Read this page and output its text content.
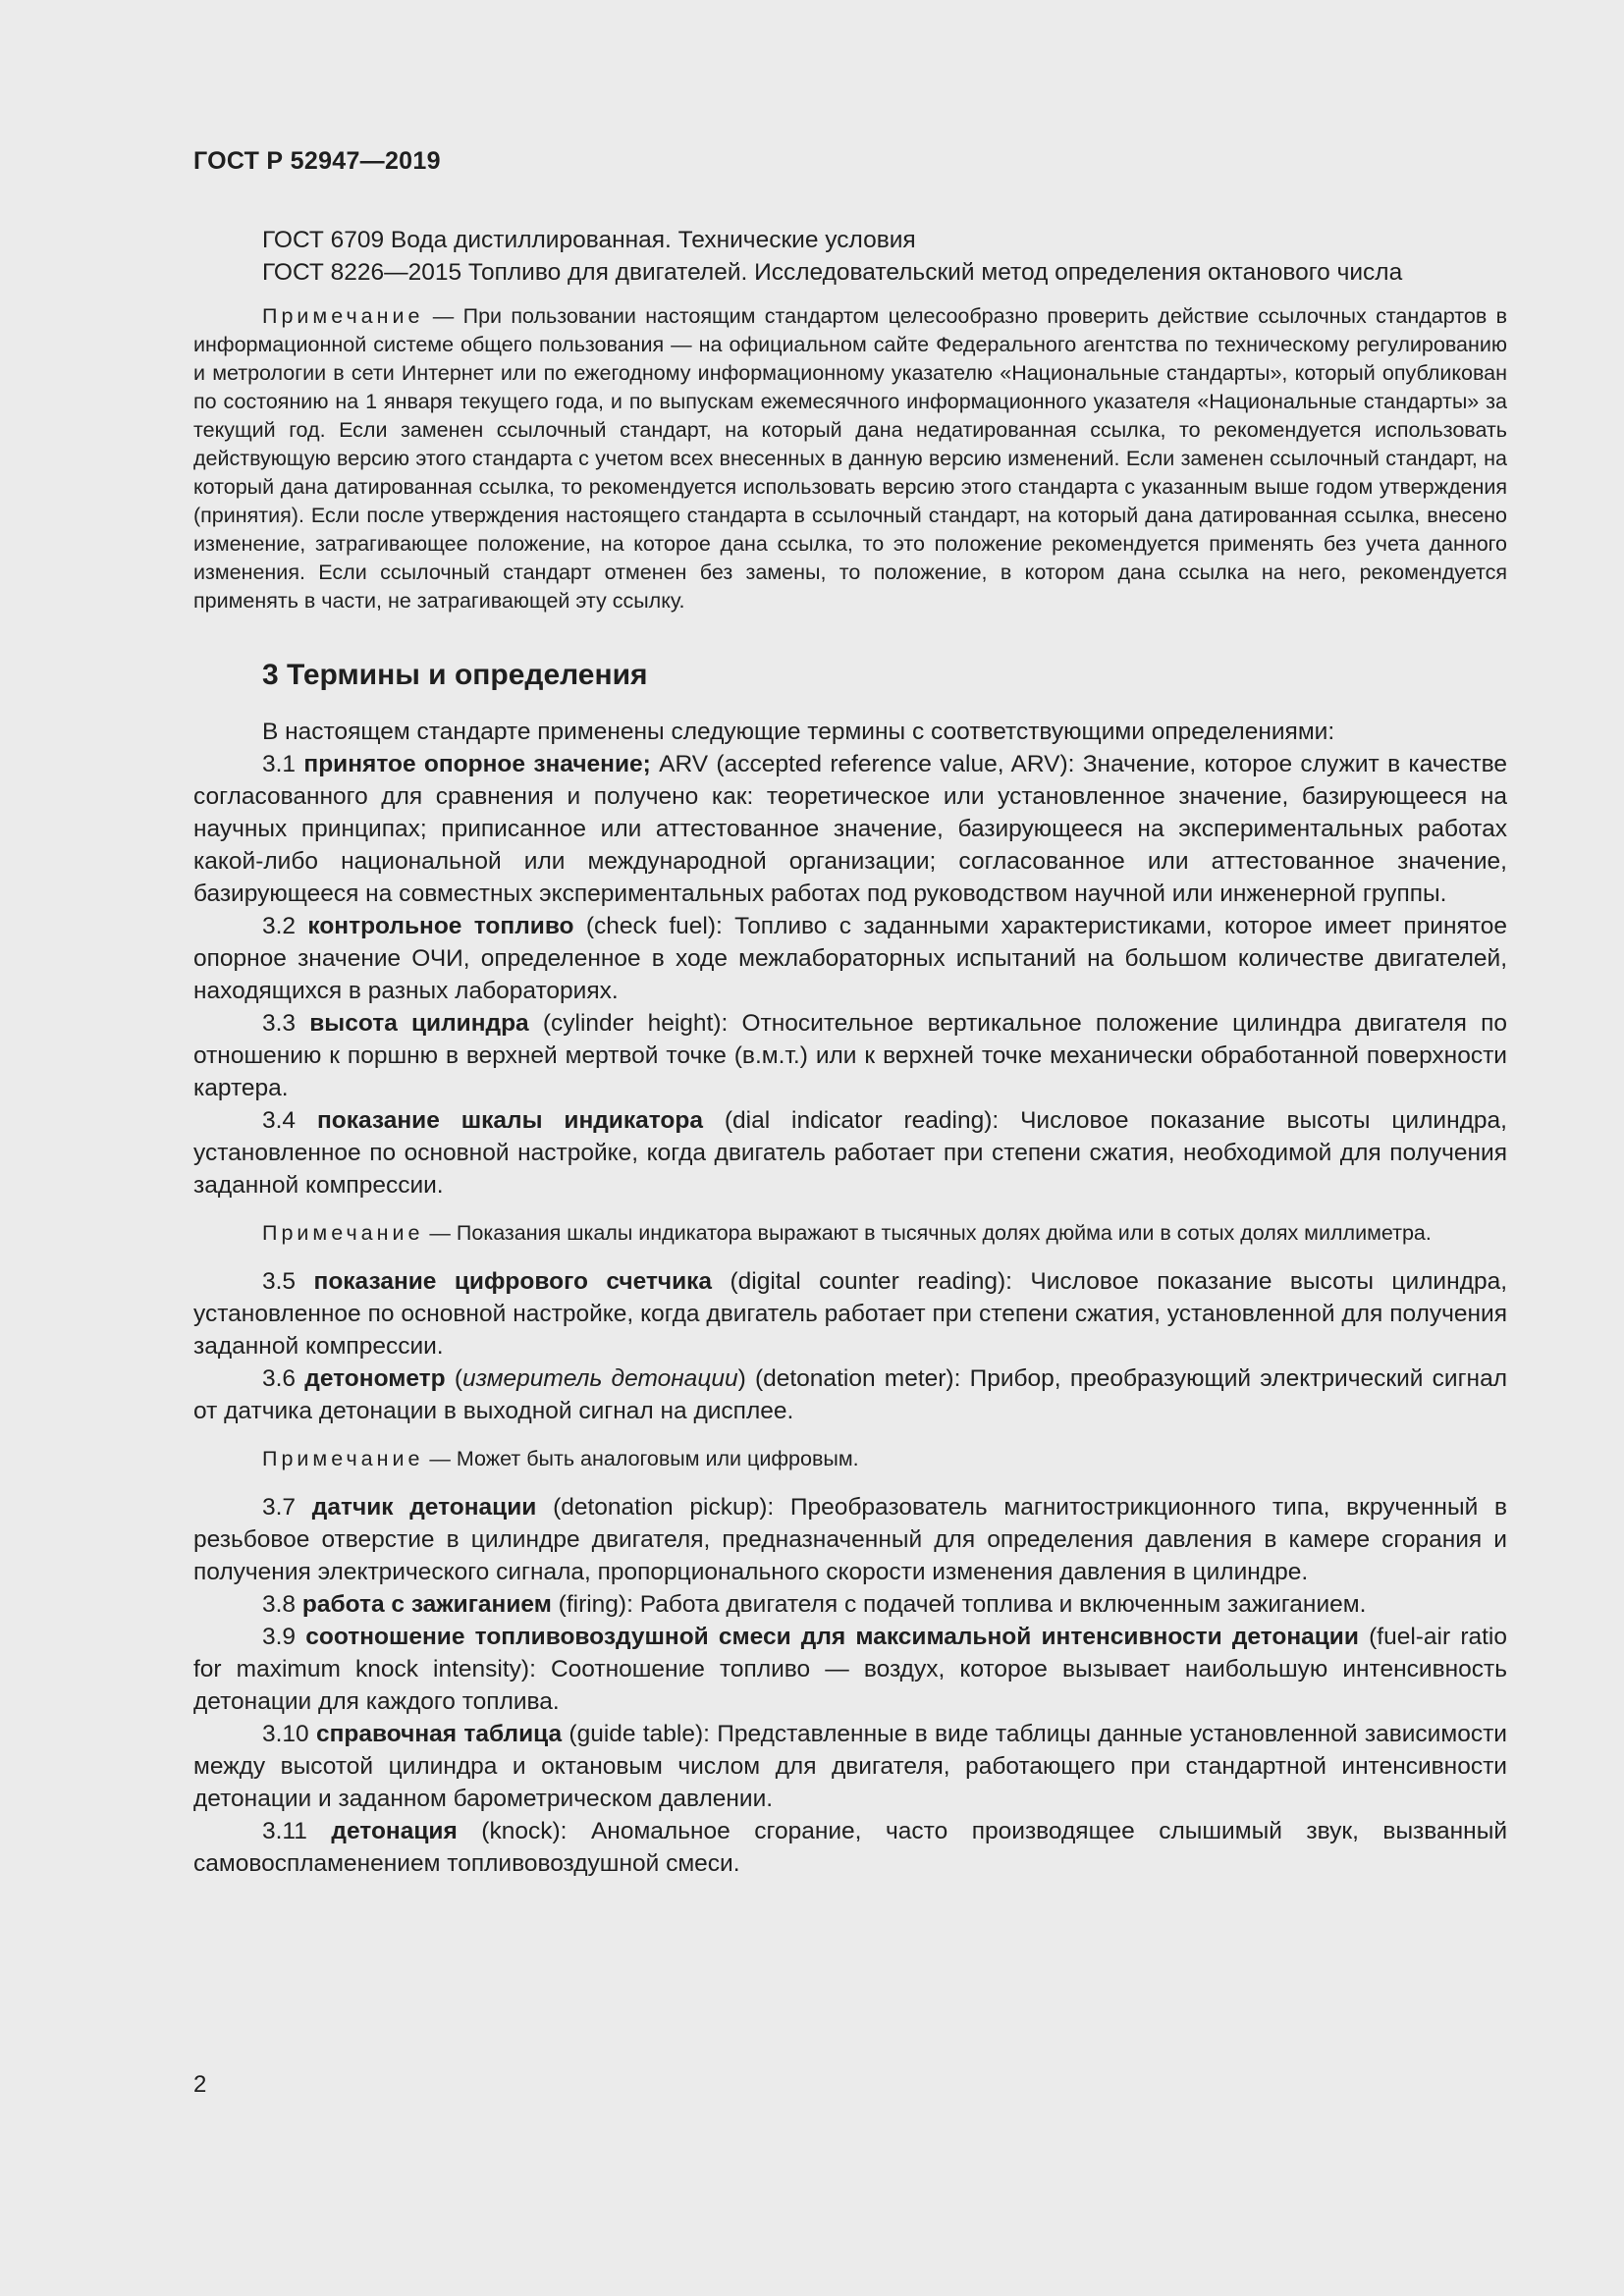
ГОСТ Р 52947—2019

ГОСТ 6709 Вода дистиллированная. Технические условия

ГОСТ 8226—2015 Топливо для двигателей. Исследовательский метод определения октанового числа

Примечание — При пользовании настоящим стандартом целесообразно проверить действие ссылочных стандартов в информационной системе общего пользования — на официальном сайте Федерального агентства по техническому регулированию и метрологии в сети Интернет или по ежегодному информационному указателю «Национальные стандарты», который опубликован по состоянию на 1 января текущего года, и по выпускам ежемесячного информационного указателя «Национальные стандарты» за текущий год. Если заменен ссылочный стандарт, на который дана недатированная ссылка, то рекомендуется использовать действующую версию этого стандарта с учетом всех внесенных в данную версию изменений. Если заменен ссылочный стандарт, на который дана датированная ссылка, то рекомендуется использовать версию этого стандарта с указанным выше годом утверждения (принятия). Если после утверждения настоящего стандарта в ссылочный стандарт, на который дана датированная ссылка, внесено изменение, затрагивающее положение, на которое дана ссылка, то это положение рекомендуется применять без учета данного изменения. Если ссылочный стандарт отменен без замены, то положение, в котором дана ссылка на него, рекомендуется применять в части, не затрагивающей эту ссылку.

3 Термины и определения

В настоящем стандарте применены следующие термины с соответствующими определениями:

3.1 принятое опорное значение; ARV (accepted reference value, ARV): Значение, которое служит в качестве согласованного для сравнения и получено как: теоретическое или установленное значение, базирующееся на научных принципах; приписанное или аттестованное значение, базирующееся на экспериментальных работах какой-либо национальной или международной организации; согласованное или аттестованное значение, базирующееся на совместных экспериментальных работах под руководством научной или инженерной группы.

3.2 контрольное топливо (check fuel): Топливо с заданными характеристиками, которое имеет принятое опорное значение ОЧИ, определенное в ходе межлабораторных испытаний на большом количестве двигателей, находящихся в разных лабораториях.

3.3 высота цилиндра (cylinder height): Относительное вертикальное положение цилиндра двигателя по отношению к поршню в верхней мертвой точке (в.м.т.) или к верхней точке механически обработанной поверхности картера.

3.4 показание шкалы индикатора (dial indicator reading): Числовое показание высоты цилиндра, установленное по основной настройке, когда двигатель работает при степени сжатия, необходимой для получения заданной компрессии.

Примечание — Показания шкалы индикатора выражают в тысячных долях дюйма или в сотых долях миллиметра.

3.5 показание цифрового счетчика (digital counter reading): Числовое показание высоты цилиндра, установленное по основной настройке, когда двигатель работает при степени сжатия, установленной для получения заданной компрессии.

3.6 детонометр (измеритель детонации) (detonation meter): Прибор, преобразующий электрический сигнал от датчика детонации в выходной сигнал на дисплее.

Примечание — Может быть аналоговым или цифровым.

3.7 датчик детонации (detonation pickup): Преобразователь магнитострикционного типа, вкрученный в резьбовое отверстие в цилиндре двигателя, предназначенный для определения давления в камере сгорания и получения электрического сигнала, пропорционального скорости изменения давления в цилиндре.

3.8 работа с зажиганием (firing): Работа двигателя с подачей топлива и включенным зажиганием.

3.9 соотношение топливовоздушной смеси для максимальной интенсивности детонации (fuel-air ratio for maximum knock intensity): Соотношение топливо — воздух, которое вызывает наибольшую интенсивность детонации для каждого топлива.

3.10 справочная таблица (guide table): Представленные в виде таблицы данные установленной зависимости между высотой цилиндра и октановым числом для двигателя, работающего при стандартной интенсивности детонации и заданном барометрическом давлении.

3.11 детонация (knock): Аномальное сгорание, часто производящее слышимый звук, вызванный самовоспламенением топливовоздушной смеси.

2
